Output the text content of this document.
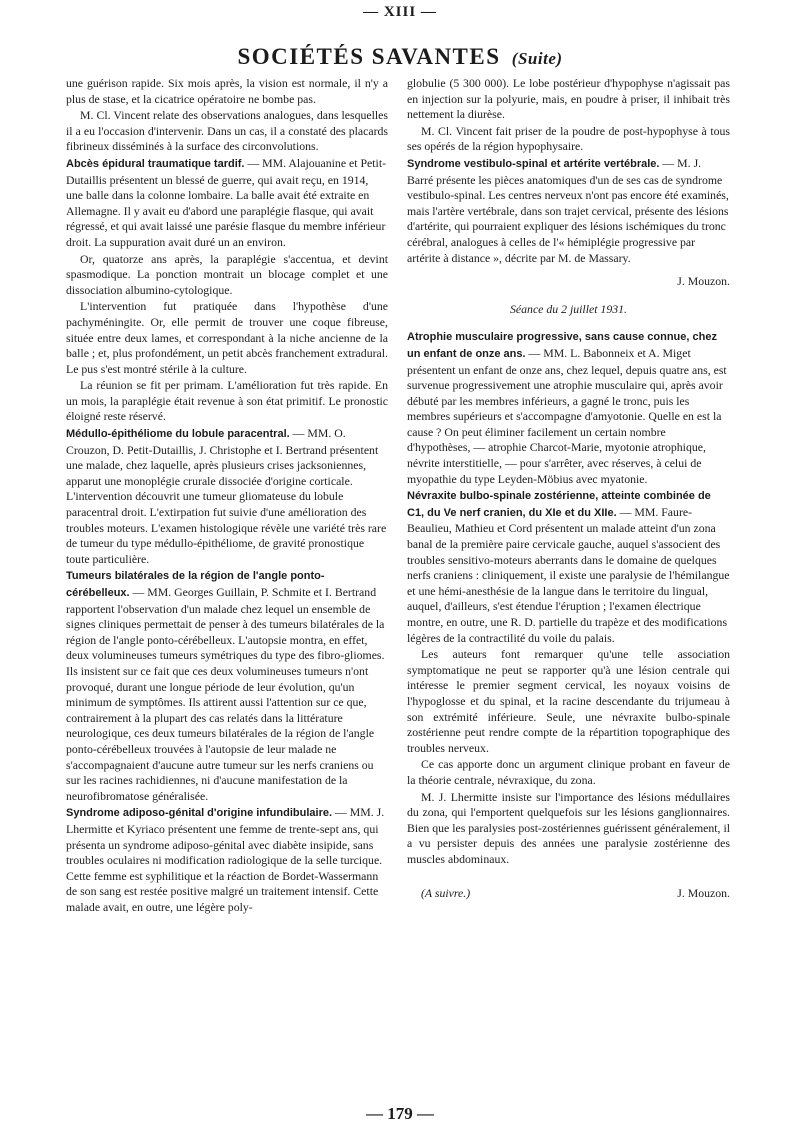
— XIII —
SOCIÉTÉS SAVANTES (Suite)

une guérison rapide. Six mois après, la vision est normale, il n'y a plus de stase, et la cicatrice opératoire ne bombe pas.

M. Cl. Vincent relate des observations analogues, dans lesquelles il a eu l'occasion d'intervenir. Dans un cas, il a constaté des placards fibrineux disséminés à la surface des circonvolutions.

Abcès épidural traumatique tardif. — MM. Alajouanine et Petit-Dutaillis présentent un blessé de guerre, qui avait reçu, en 1914, une balle dans la colonne lombaire. La balle avait été extraite en Allemagne. Il y avait eu d'abord une paraplégie flasque, qui avait régressé, et qui avait laissé une parésie flasque du membre inférieur droit. La suppuration avait duré un an environ.

Or, quatorze ans après, la paraplégie s'accentua, et devint spasmodique. La ponction montrait un blocage complet et une dissociation albumino-cytologique.

L'intervention fut pratiquée dans l'hypothèse d'une pachyméningite. Or, elle permit de trouver une coque fibreuse, située entre deux lames, et correspondant à la niche ancienne de la balle ; et, plus profondément, un petit abcès franchement extradural. Le pus s'est montré stérile à la culture.

La réunion se fit per primam. L'amélioration fut très rapide. En un mois, la paraplégie était revenue à son état primitif. Le pronostic éloigné reste réservé.

Médullo-épithéliome du lobule paracentral. — MM. O. Crouzon, D. Petit-Dutaillis, J. Christophe et I. Bertrand présentent une malade, chez laquelle, après plusieurs crises jacksoniennes, apparut une monoplégie crurale dissociée d'origine corticale. L'intervention découvrit une tumeur gliomateuse du lobule paracentral droit. L'extirpation fut suivie d'une amélioration des troubles moteurs. L'examen histologique révèle une variété très rare de tumeur du type médullo-épithéliome, de gravité pronostique toute particulière.

Tumeurs bilatérales de la région de l'angle ponto-cérébelleux. — MM. Georges Guillain, P. Schmite et I. Bertrand rapportent l'observation d'un malade chez lequel un ensemble de signes cliniques permettait de penser à des tumeurs bilatérales de la région de l'angle ponto-cérébelleux. L'autopsie montra, en effet, deux volumineuses tumeurs symétriques du type des fibro-gliomes. Ils insistent sur ce fait que ces deux volumineuses tumeurs n'ont provoqué, durant une longue période de leur évolution, qu'un minimum de symptômes. Ils attirent aussi l'attention sur ce que, contrairement à la plupart des cas relatés dans la littérature neurologique, ces deux tumeurs bilatérales de la région de l'angle ponto-cérébelleux trouvées à l'autopsie de leur malade ne s'accompagnaient d'aucune autre tumeur sur les nerfs craniens ou sur les racines rachidiennes, ni d'aucune manifestation de la neurofibromatose généralisée.

Syndrome adiposo-génital d'origine infundibulaire. — MM. J. Lhermitte et Kyriaco présentent une femme de trente-sept ans, qui présenta un syndrome adiposo-génital avec diabète insipide, sans troubles oculaires ni modification radiologique de la selle turcique. Cette femme est syphilitique et la réaction de Bordet-Wassermann de son sang est restée positive malgré un traitement intensif. Cette malade avait, en outre, une légère poly-

globulie (5 300 000). Le lobe postérieur d'hypophyse n'agissait pas en injection sur la polyurie, mais, en poudre à priser, il inhibait très nettement la diurèse.

M. Cl. Vincent fait priser de la poudre de post-hypophyse à tous ses opérés de la région hypophysaire.

Syndrome vestibulo-spinal et artérite vertébrale. — M. J. Barré présente les pièces anatomiques d'un de ses cas de syndrome vestibulo-spinal. Les centres nerveux n'ont pas encore été examinés, mais l'artère vertébrale, dans son trajet cervical, présente des lésions d'artérite, qui pourraient expliquer des lésions ischémiques du tronc cérébral, analogues à celles de l'« hémiplégie progressive par artérite à distance », décrite par M. de Massary.

J. Mouzon.

Séance du 2 juillet 1931.

Atrophie musculaire progressive, sans cause connue, chez un enfant de onze ans. — MM. L. Babonneix et A. Miget présentent un enfant de onze ans, chez lequel, depuis quatre ans, est survenue progressivement une atrophie musculaire qui, après avoir débuté par les membres inférieurs, a gagné le tronc, puis les membres supérieurs et s'accompagne d'amyotonie. Quelle en est la cause ? On peut éliminer facilement un certain nombre d'hypothèses, — atrophie Charcot-Marie, myotonie atrophique, névrite interstitielle, — pour s'arrêter, avec réserves, à celui de myopathie du type Leyden-Möbius avec myatonie.

Névraxite bulbo-spinale zostérienne, atteinte combinée de C1, du Ve nerf cranien, du XIe et du XIIe. — MM. Faure-Beaulieu, Mathieu et Cord présentent un malade atteint d'un zona banal de la première paire cervicale gauche, auquel s'associent des troubles sensitivo-moteurs aberrants dans le domaine de quelques nerfs craniens : cliniquement, il existe une paralysie de l'hémilangue et une hémi-anesthésie de la langue dans le territoire du lingual, auquel, d'ailleurs, s'est étendue l'éruption ; l'examen électrique montre, en outre, une R. D. partielle du trapèze et des modifications légères de la contractilité du voile du palais.

Les auteurs font remarquer qu'une telle association symptomatique ne peut se rapporter qu'à une lésion centrale qui intéresse le premier segment cervical, les noyaux voisins de l'hypoglosse et du spinal, et la racine descendante du trijumeau à son extrémité inférieure. Seule, une névraxite bulbo-spinale zostérienne peut rendre compte de la répartition topographique des troubles nerveux.

Ce cas apporte donc un argument clinique probant en faveur de la théorie centrale, névraxique, du zona.

M. J. Lhermitte insiste sur l'importance des lésions médullaires du zona, qui l'emportent quelquefois sur les lésions ganglionnaires. Bien que les paralysies post-zostériennes guérissent généralement, il a vu persister depuis des années une paralysie zostérienne des muscles abdominaux.

(A suivre.)	J. Mouzon.
— 179 —
